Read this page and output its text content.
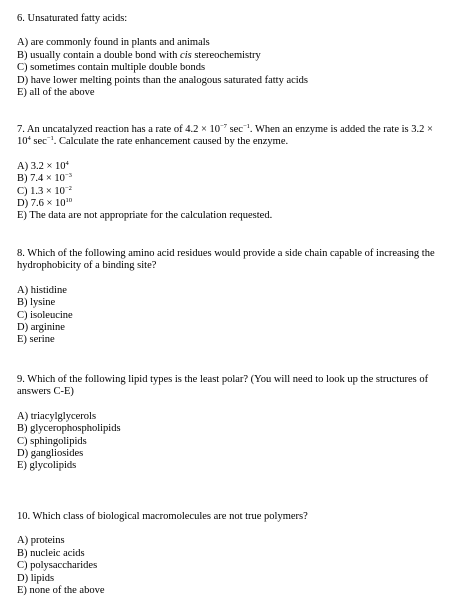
6. Unsaturated fatty acids:

A) are commonly found in plants and animals
B) usually contain a double bond with cis stereochemistry
C) sometimes contain multiple double bonds
D) have lower melting points than the analogous saturated fatty acids
E) all of the above

7. An uncatalyzed reaction has a rate of $4.2 \times 10^{-7}$ $\sec^{-1}$. When an enzyme is added the rate is $3.2 \times 10^4$ $\sec^{-1}$. Calculate the rate enhancement caused by the enzyme.

A) $3.2 \times 10^4$
B) $7.4 \times 10^{-3}$
C) $1.3 \times 10^{-2}$
D) $7.6 \times 10^{10}$
E) The data are not appropriate for the calculation requested.

8. Which of the following amino acid residues would provide a side chain capable of increasing the hydrophobicity of a binding site?

A) histidine
B) lysine
C) isoleucine
D) arginine
E) serine

9. Which of the following lipid types is the least polar? (You will need to look up the structures of answers C-E)

A) triacylglycerols
B) glycerophospholipids
C) sphingolipids
D) gangliosides
E) glycolipids

10. Which class of biological macromolecules are not true polymers?

A) proteins
B) nucleic acids
C) polysaccharides
D) lipids
E) none of the above
